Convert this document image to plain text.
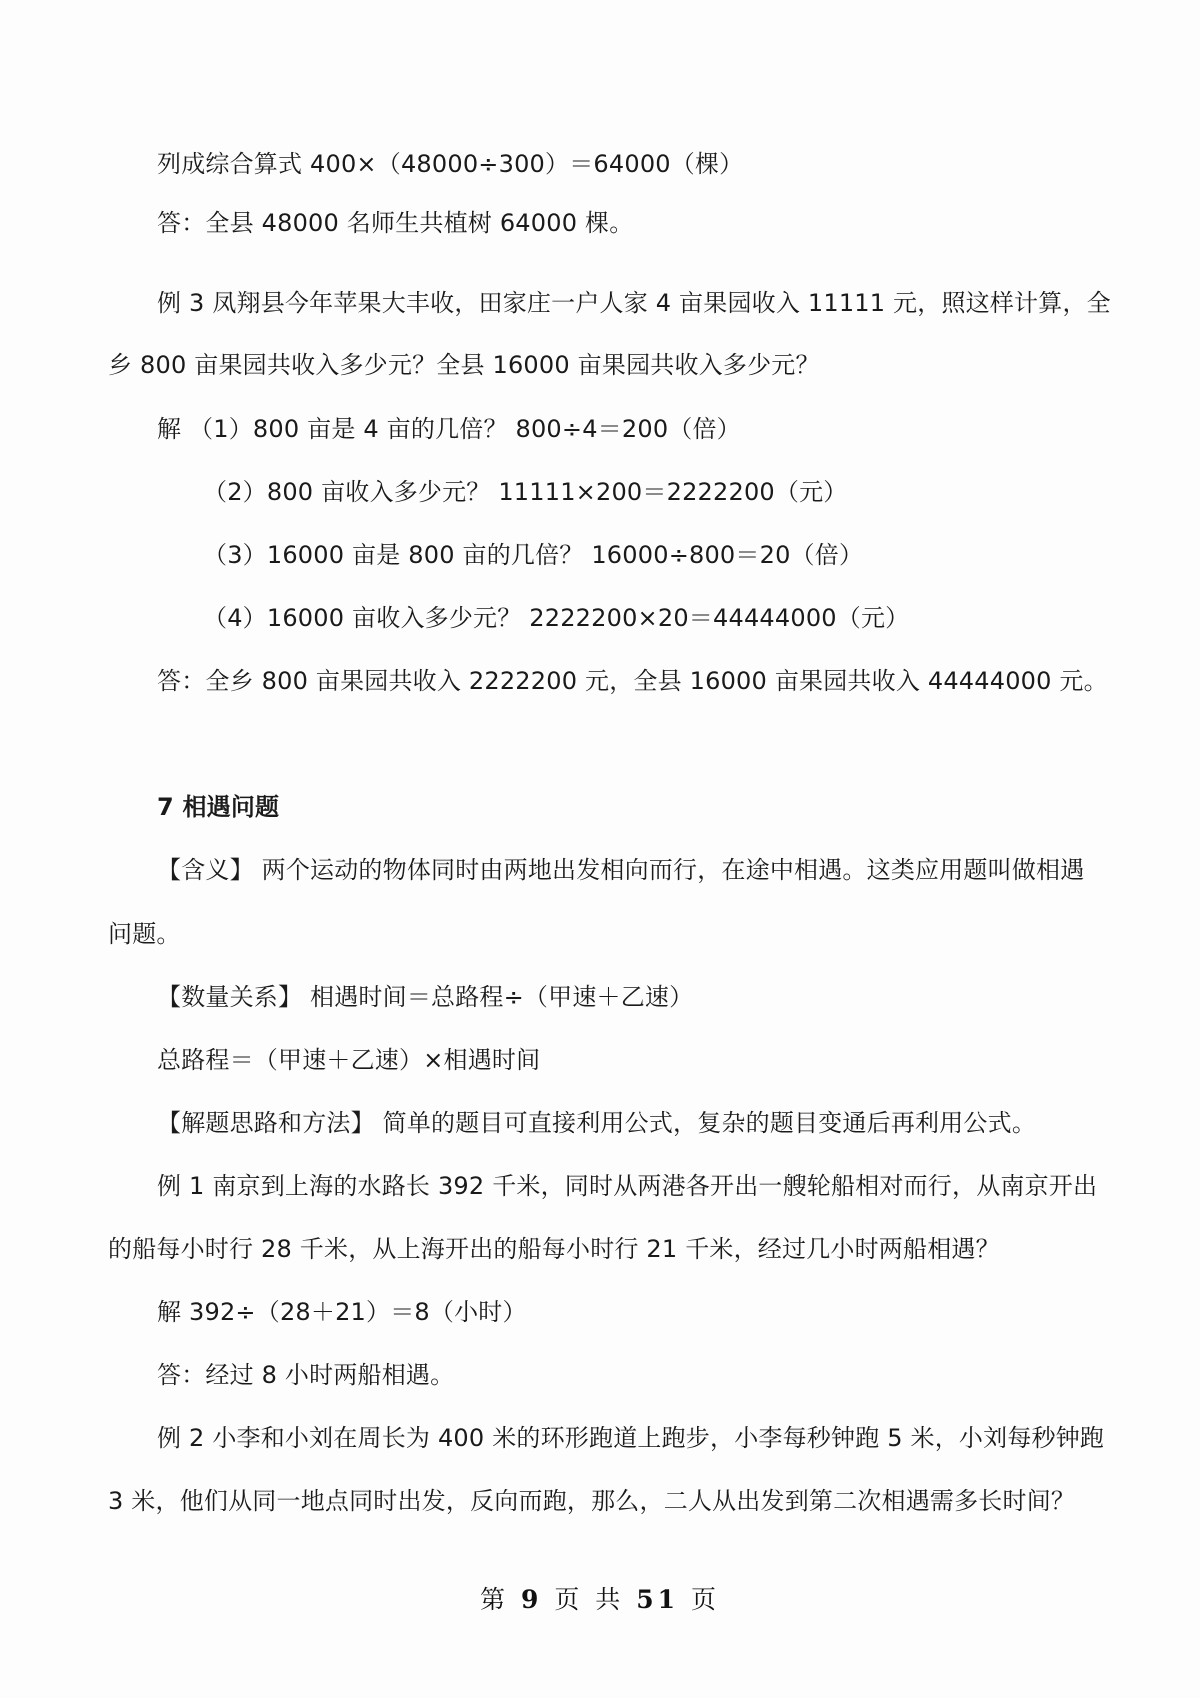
列成综合算式 400×（48000÷300）＝64000（棵）
答：全县 48000 名师生共植树 64000 棵。
例 3 凤翔县今年苹果大丰收，田家庄一户人家 4 亩果园收入 11111 元，照这样计算，全
乡 800 亩果园共收入多少元？全县 16000 亩果园共收入多少元？
解 （1）800 亩是 4 亩的几倍？ 800÷4＝200（倍）
（2）800 亩收入多少元？ 11111×200＝2222200（元）
（3）16000 亩是 800 亩的几倍？ 16000÷800＝20（倍）
（4）16000 亩收入多少元？ 2222200×20＝44444000（元）
答：全乡 800 亩果园共收入 2222200 元，全县 16000 亩果园共收入 44444000 元。
7 相遇问题
【含义】 两个运动的物体同时由两地出发相向而行，在途中相遇。这类应用题叫做相遇
问题。
【数量关系】 相遇时间＝总路程÷（甲速＋乙速）
总路程＝（甲速＋乙速）×相遇时间
【解题思路和方法】 简单的题目可直接利用公式，复杂的题目变通后再利用公式。
例 1 南京到上海的水路长 392 千米，同时从两港各开出一艘轮船相对而行，从南京开出
的船每小时行 28 千米，从上海开出的船每小时行 21 千米，经过几小时两船相遇？
解 392÷（28＋21）＝8（小时）
答：经过 8 小时两船相遇。
例 2 小李和小刘在周长为 400 米的环形跑道上跑步，小李每秒钟跑 5 米，小刘每秒钟跑
3 米，他们从同一地点同时出发，反向而跑，那么，二人从出发到第二次相遇需多长时间？
第 9 页 共 51 页
